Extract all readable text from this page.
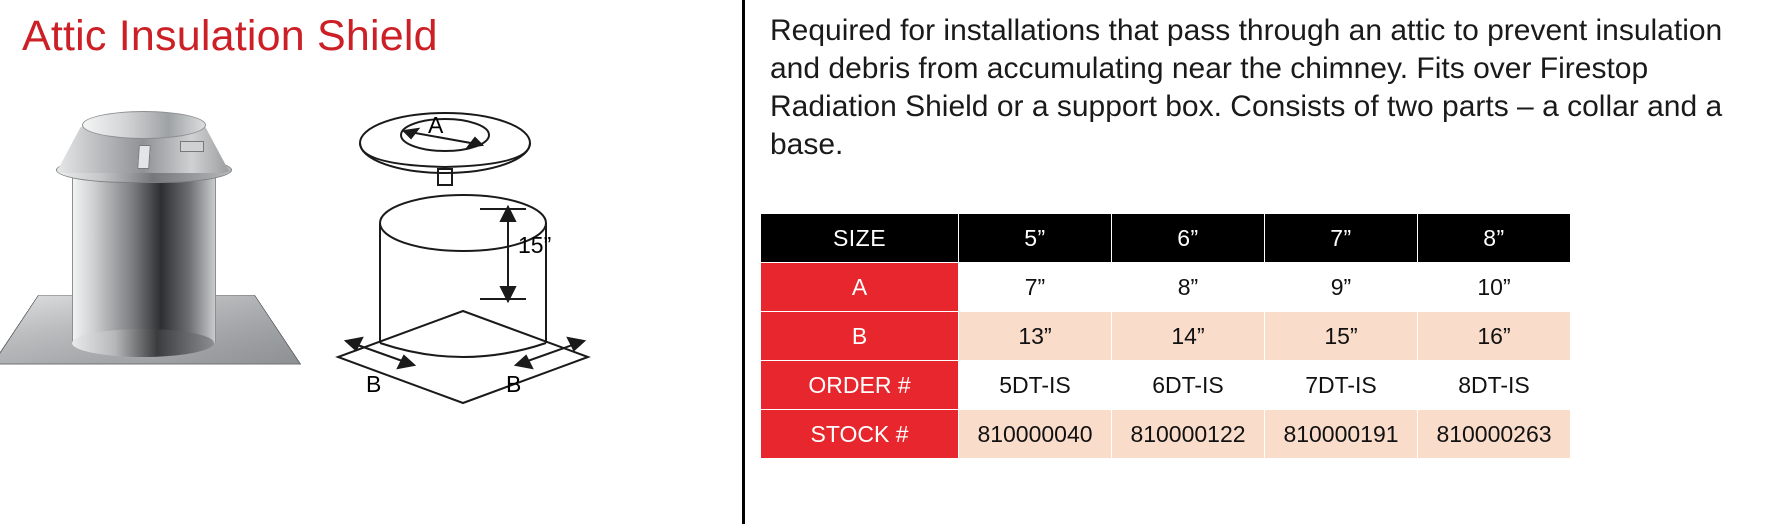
Attic Insulation Shield
A
15”
B	B
Required for installations that pass through an attic to prevent insulation and debris from accumulating near the chimney. Fits over Firestop Radiation Shield or a support box. Consists of two parts – a collar and a base.
SIZE	5”	6”	7”	8”
A	7”	8”	9”	10”
B	13”	14”	15”	16”
ORDER #	5DT-IS	6DT-IS	7DT-IS	8DT-IS
STOCK #	810000040	810000122	810000191	810000263
